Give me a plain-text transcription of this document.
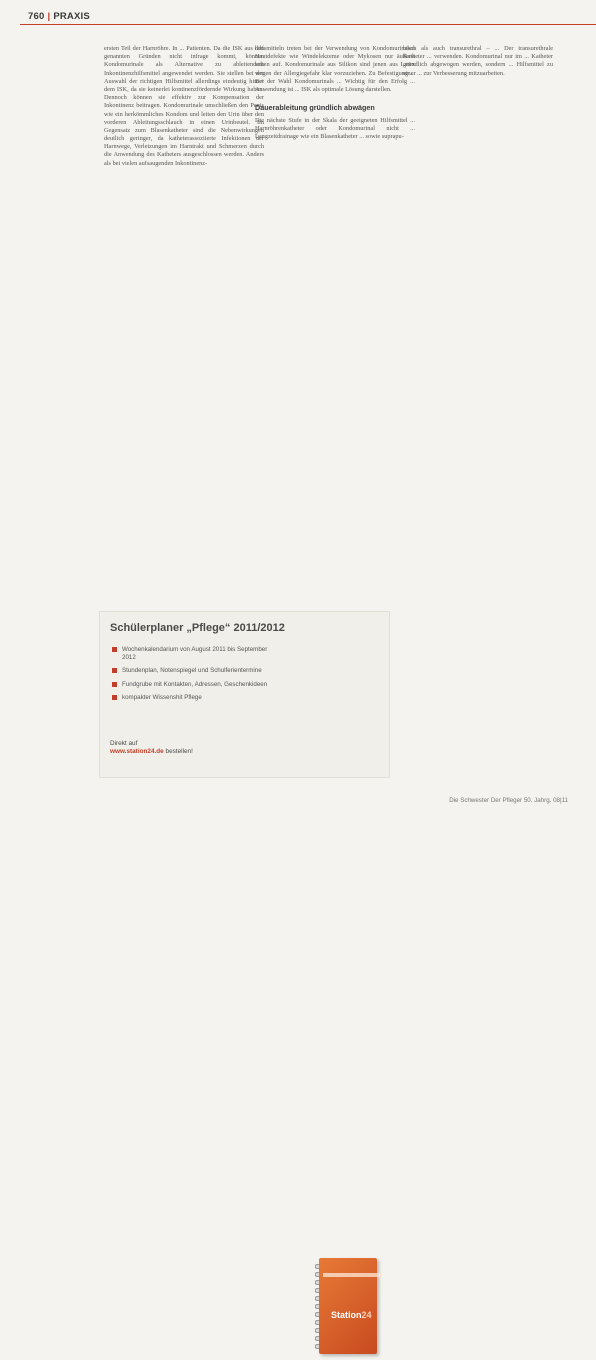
760 | PRAXIS

ersten Teil der Harnröhre. In ... Patienten. Da die ISK aus den genannten Gründen nicht infrage kommt, können Kondomurinale als Alternative zu ableitendem Inkontinenzhilfsmittel angewendet werden. Sie stellen bei der Auswahl der richtigen Hilfsmittel allerdings eindeutig hinter dem ISK, da sie keinerlei kontinenzfördernde Wirkung haben. Dennoch können sie effektiv zur Kompensation der Inkontinenz beitragen. Kondomurinale umschließen den Penis wie ein herkömmliches Kondom und leiten den Urin über den vorderen Ableitungsschlauch in einen Urinbeutel. Im Gegensatz zum Blasenkatheter sind die Nebenwirkungen deutlich geringer, da katheterassoziierte Infektionen der Harnwege, Verletzungen im Harntrakt und Schmerzen durch die Anwendung des Katheters ausgeschlossen werden. Anders als bei vielen aufsaugenden Inkontinenz-

hilfsmitteln treten bei der Verwendung von Kondomurinalen Hautdefekte wie Windelekzeme oder Mykosen nur äußerst selten auf. Kondomurinale aus Silikon sind jenen aus Latex wegen der Allergiegefahr klar vorzuziehen. Zu Befestigung ... Bei der Wahl Kondomurinals ... Wichtig für den Erfolg ... Anwendung ist ... ISK als optimale Lösung darstellen.

Dauerableitung gründlich abwägen

Die nächste Stufe in der Skala der geeigneten Hilfsmittel ... Harnröhrenkatheter oder Kondomurinal nicht ... Langzeitdrainage wie ein Blasenkatheter ... sowie suprapu-

bisch als auch transurethral – ... Der transurethrale Katheter ... verwenden. Kondomurinal nur im ... Katheter gründlich abgewogen werden, sondern ... Hilfsmittel zu einer ... zur Verbesserung mitzuarbeiten.

Schülerplaner „Pflege“ 2011/2012
Wochenkalendarium von August 2011 bis September 2012
Stundenplan, Notenspiegel und Schulferientermine
Fundgrube mit Kontakten, Adressen, Geschenkideen
kompakter Wissenshit Pflege
Direkt auf
www.station24.de bestellen!
Station24
Die Schwester Der Pfleger 50. Jahrg. 08|11
